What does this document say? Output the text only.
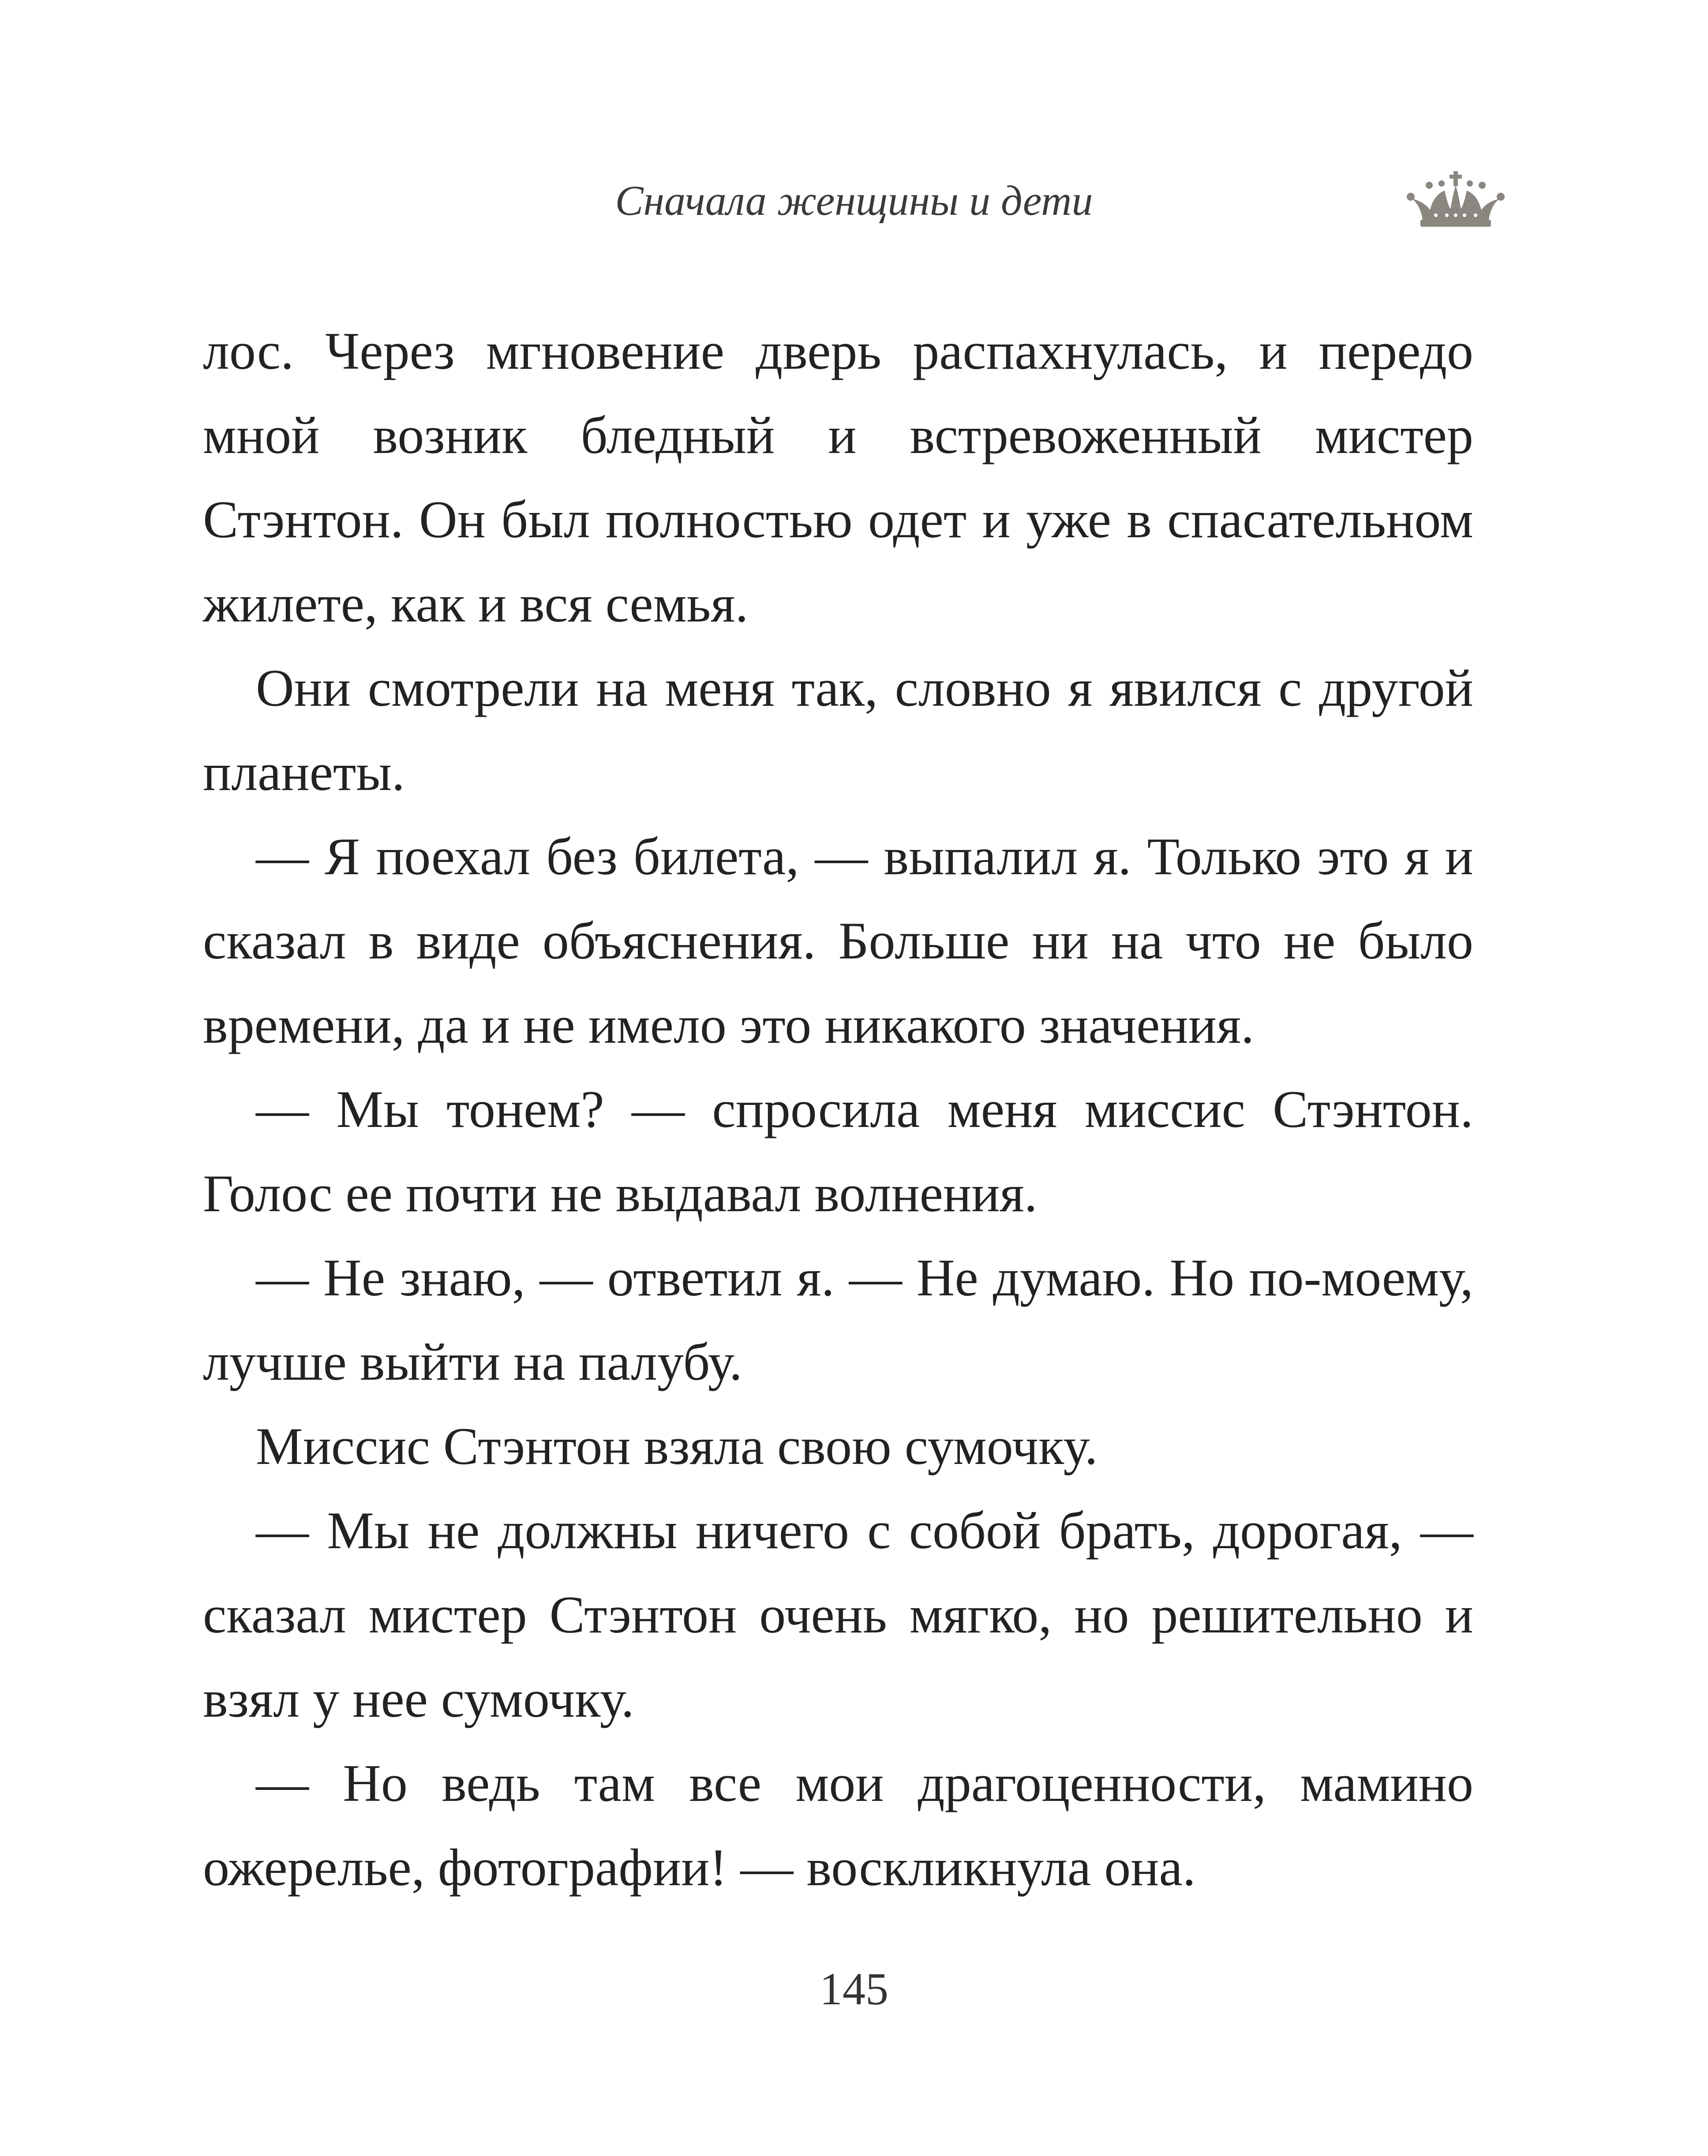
Сначала женщины и дети

лос. Через мгновение дверь распахнулась, и передо мной возник бледный и встревоженный мистер Стэнтон. Он был полностью одет и уже в спасательном жилете, как и вся семья.

Они смотрели на меня так, словно я явился с другой планеты.

— Я поехал без билета, — выпалил я. Только это я и сказал в виде объяснения. Больше ни на что не было времени, да и не имело это никакого значения.

— Мы тонем? — спросила меня миссис Стэнтон. Голос ее почти не выдавал волнения.

— Не знаю, — ответил я. — Не думаю. Но по-моему, лучше выйти на палубу.

Миссис Стэнтон взяла свою сумочку.

— Мы не должны ничего с собой брать, дорогая, — сказал мистер Стэнтон очень мягко, но решительно и взял у нее сумочку.

— Но ведь там все мои драгоценности, мамино ожерелье, фотографии! — воскликнула она.

145
